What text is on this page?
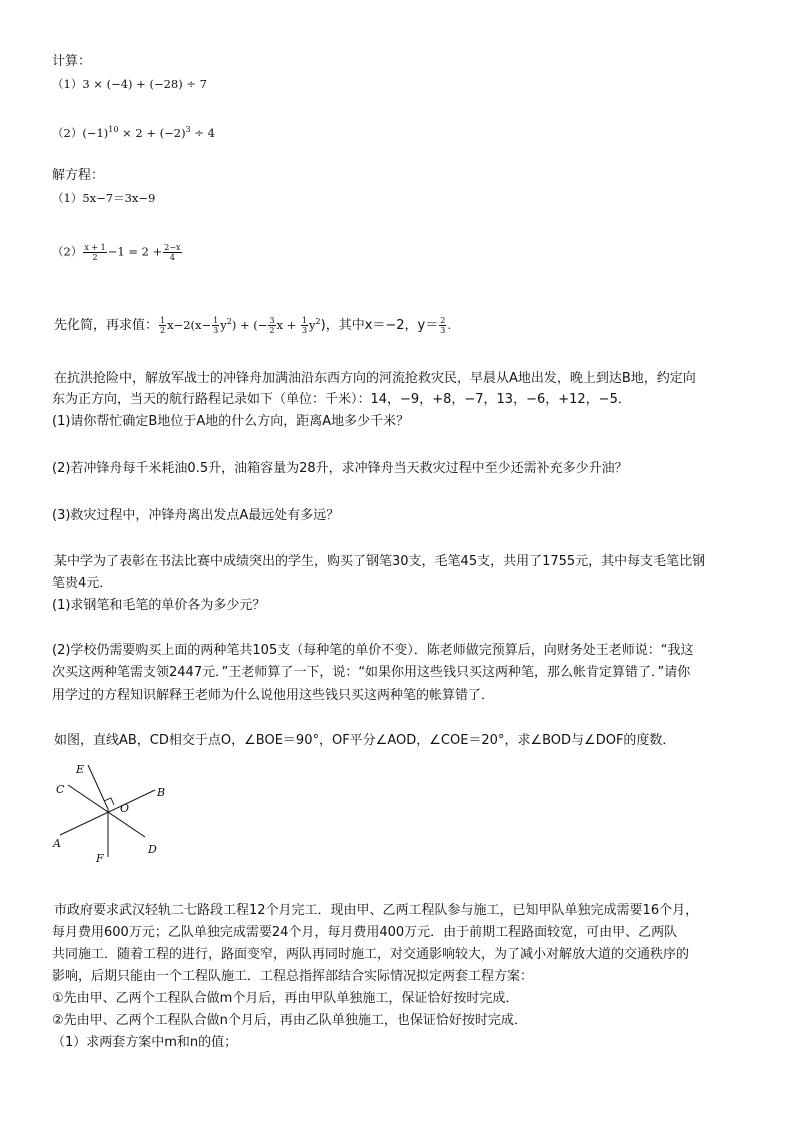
计算：
（1）3 × (−4) + (−28) ÷ 7
$(2)(-1)^{10} \times 2 + (-2)^3 \div 4$
解方程：
（1）5x−7＝3x−9
$(2) \frac{x + 1}{2} -1 = 2 + \frac{2-x}{4}$
先化简，再求值： $\frac{1}{2} x-2(x- \frac{1}{3} y^2)$ + (− $\frac{3}{2}$ $x + \frac{1}{3} y^2$)，其中x＝−2，$y= \frac{2}{3}$ .
在抗洪抢险中，解放军战士的冲锋舟加满油沿东西方向的河流抢救灾民，早晨从A地出发，晚上到达B地，约定向
东为正方向，当天的航行路程记录如下（单位：千米）：14，−9，+8，−7，13，−6，+12，−5．
(1)请你帮忙确定B地位于A地的什么方向，距离A地多少千米？
(2)若冲锋舟每千米耗油0.5升，油箱容量为28升，求冲锋舟当天救灾过程中至少还需补充多少升油？
(3)救灾过程中，冲锋舟离出发点A最远处有多远？
某中学为了表彰在书法比赛中成绩突出的学生，购买了钢笔30支，毛笔45支，共用了1755元，其中每支毛笔比钢
笔贵4元．
(1)求钢笔和毛笔的单价各为多少元？
(2)学校仍需要购买上面的两种笔共105支（每种笔的单价不变）．陈老师做完预算后，向财务处王老师说：“我这
次买这两种笔需支领2447元．”王老师算了一下，说：“如果你用这些钱只买这两种笔，那么帐肯定算错了．”请你
用学过的方程知识解释王老师为什么说他用这些钱只买这两种笔的帐算错了．
如图，直线AB，CD相交于点O，∠BOE＝90°，OF平分∠AOD，∠COE＝20°，求∠BOD与∠DOF的度数．
E
C
O
B
A
F
D
市政府要求武汉轻轨二七路段工程12个月完工．现由甲、乙两工程队参与施工，已知甲队单独完成需要16个月，
每月费用600万元；乙队单独完成需要24个月，每月费用400万元．由于前期工程路面较宽，可由甲、乙两队
共同施工．随着工程的进行，路面变窄，两队再同时施工，对交通影响较大，为了减小对解放大道的交通秩序的
影响，后期只能由一个工程队施工．工程总指挥部结合实际情况拟定两套工程方案：
①先由甲、乙两个工程队合做m个月后，再由甲队单独施工，保证恰好按时完成．
②先由甲、乙两个工程队合做n个月后，再由乙队单独施工，也保证恰好按时完成．
（1）求两套方案中m和n的值；
